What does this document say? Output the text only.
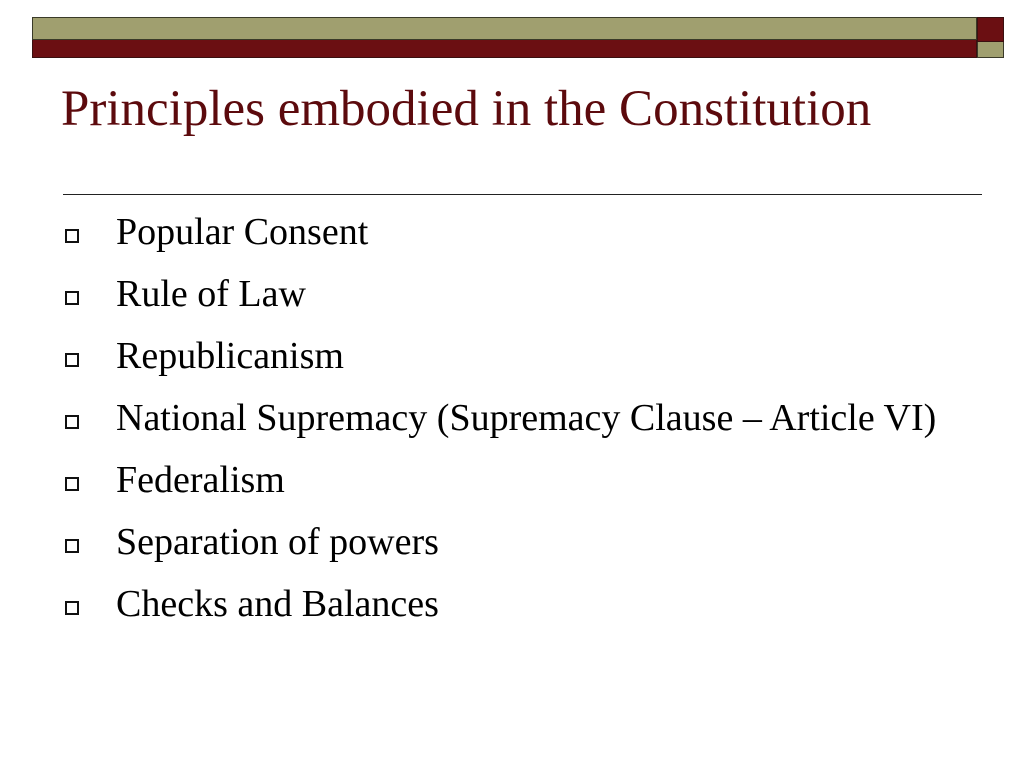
Principles embodied in the Constitution
Popular Consent
Rule of Law
Republicanism
National Supremacy (Supremacy Clause – Article VI)
Federalism
Separation of powers
Checks and Balances
